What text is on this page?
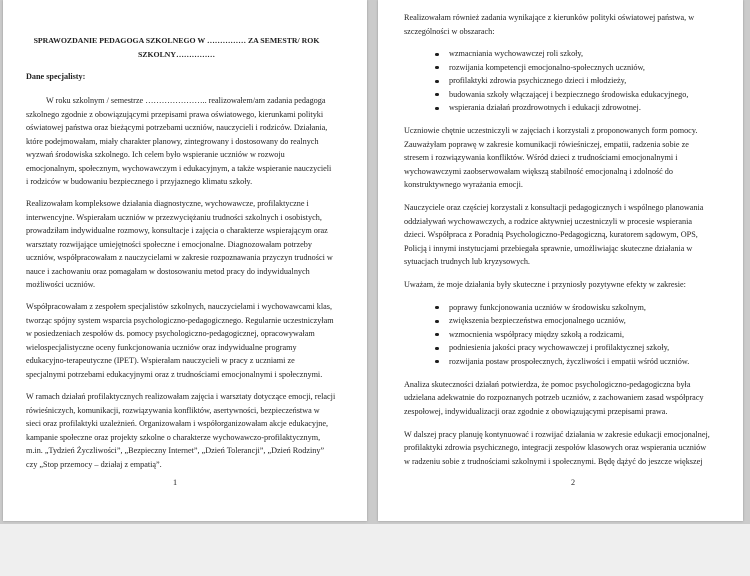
SPRAWOZDANIE PEDAGOGA SZKOLNEGO W …………… ZA SEMESTR/ ROK
SZKOLNY……………
Dane specjalisty:
W roku szkolnym / semestrze ………………….. realizowałem/am zadania pedagoga
szkolnego zgodnie z obowiązującymi przepisami prawa oświatowego, kierunkami polityki
oświatowej państwa oraz bieżącymi potrzebami uczniów, nauczycieli i rodziców. Działania,
które podejmowałam, miały charakter planowy, zintegrowany i dostosowany do realnych
wyzwań środowiska szkolnego. Ich celem było wspieranie uczniów w rozwoju
emocjonalnym, społecznym, wychowawczym i edukacyjnym, a także wspieranie nauczycieli
i rodziców w budowaniu bezpiecznego i przyjaznego klimatu szkoły.
Realizowałam kompleksowe działania diagnostyczne, wychowawcze, profilaktyczne i
interwencyjne. Wspierałam uczniów w przezwyciężaniu trudności szkolnych i osobistych,
prowadziłam indywidualne rozmowy, konsultacje i zajęcia o charakterze wspierającym oraz
warsztaty rozwijające umiejętności społeczne i emocjonalne. Diagnozowałam potrzeby
uczniów, współpracowałam z nauczycielami w zakresie rozpoznawania przyczyn trudności w
nauce i zachowaniu oraz pomagałam w dostosowaniu metod pracy do indywidualnych
możliwości uczniów.
Współpracowałam z zespołem specjalistów szkolnych, nauczycielami i wychowawcami klas,
tworząc spójny system wsparcia psychologiczno-pedagogicznego. Regularnie uczestniczyłam
w posiedzeniach zespołów ds. pomocy psychologiczno-pedagogicznej, opracowywałam
wielospecjalistyczne oceny funkcjonowania uczniów oraz indywidualne programy
edukacyjno-terapeutyczne (IPET). Wspierałam nauczycieli w pracy z uczniami ze
specjalnymi potrzebami edukacyjnymi oraz z trudnościami emocjonalnymi i społecznymi.
W ramach działań profilaktycznych realizowałam zajęcia i warsztaty dotyczące emocji, relacji
rówieśniczych, komunikacji, rozwiązywania konfliktów, asertywności, bezpieczeństwa w
sieci oraz profilaktyki uzależnień. Organizowałam i współorganizowałam akcje edukacyjne,
kampanie społeczne oraz projekty szkolne o charakterze wychowawczo-profilaktycznym,
m.in. „Tydzień Życzliwości”, „Bezpieczny Internet”, „Dzień Tolerancji”, „Dzień Rodziny”
czy „Stop przemocy – działaj z empatią”.
1
Realizowałam również zadania wynikające z kierunków polityki oświatowej państwa, w
szczególności w obszarach:
wzmacniania wychowawczej roli szkoły,
rozwijania kompetencji emocjonalno-społecznych uczniów,
profilaktyki zdrowia psychicznego dzieci i młodzieży,
budowania szkoły włączającej i bezpiecznego środowiska edukacyjnego,
wspierania działań prozdrowotnych i edukacji zdrowotnej.
Uczniowie chętnie uczestniczyli w zajęciach i korzystali z proponowanych form pomocy.
Zauważyłam poprawę w zakresie komunikacji rówieśniczej, empatii, radzenia sobie ze
stresem i rozwiązywania konfliktów. Wśród dzieci z trudnościami emocjonalnymi i
wychowawczymi zaobserwowałam większą stabilność emocjonalną i zdolność do
konstruktywnego wyrażania emocji.
Nauczyciele oraz częściej korzystali z konsultacji pedagogicznych i wspólnego planowania
oddziaływań wychowawczych, a rodzice aktywniej uczestniczyli w procesie wspierania
dzieci. Współpraca z Poradnią Psychologiczno-Pedagogiczną, kuratorem sądowym, OPS,
Policją i innymi instytucjami przebiegała sprawnie, umożliwiając skuteczne działania w
sytuacjach trudnych lub kryzysowych.
Uważam, że moje działania były skuteczne i przyniosły pozytywne efekty w zakresie:
poprawy funkcjonowania uczniów w środowisku szkolnym,
zwiększenia bezpieczeństwa emocjonalnego uczniów,
wzmocnienia współpracy między szkołą a rodzicami,
podniesienia jakości pracy wychowawczej i profilaktycznej szkoły,
rozwijania postaw prospołecznych, życzliwości i empatii wśród uczniów.
Analiza skuteczności działań potwierdza, że pomoc psychologiczno-pedagogiczna była
udzielana adekwatnie do rozpoznanych potrzeb uczniów, z zachowaniem zasad współpracy
zespołowej, indywidualizacji oraz zgodnie z obowiązującymi przepisami prawa.
W dalszej pracy planuję kontynuować i rozwijać działania w zakresie edukacji emocjonalnej,
profilaktyki zdrowia psychicznego, integracji zespołów klasowych oraz wspierania uczniów
w radzeniu sobie z trudnościami szkolnymi i społecznymi. Będę dążyć do jeszcze większej
2
